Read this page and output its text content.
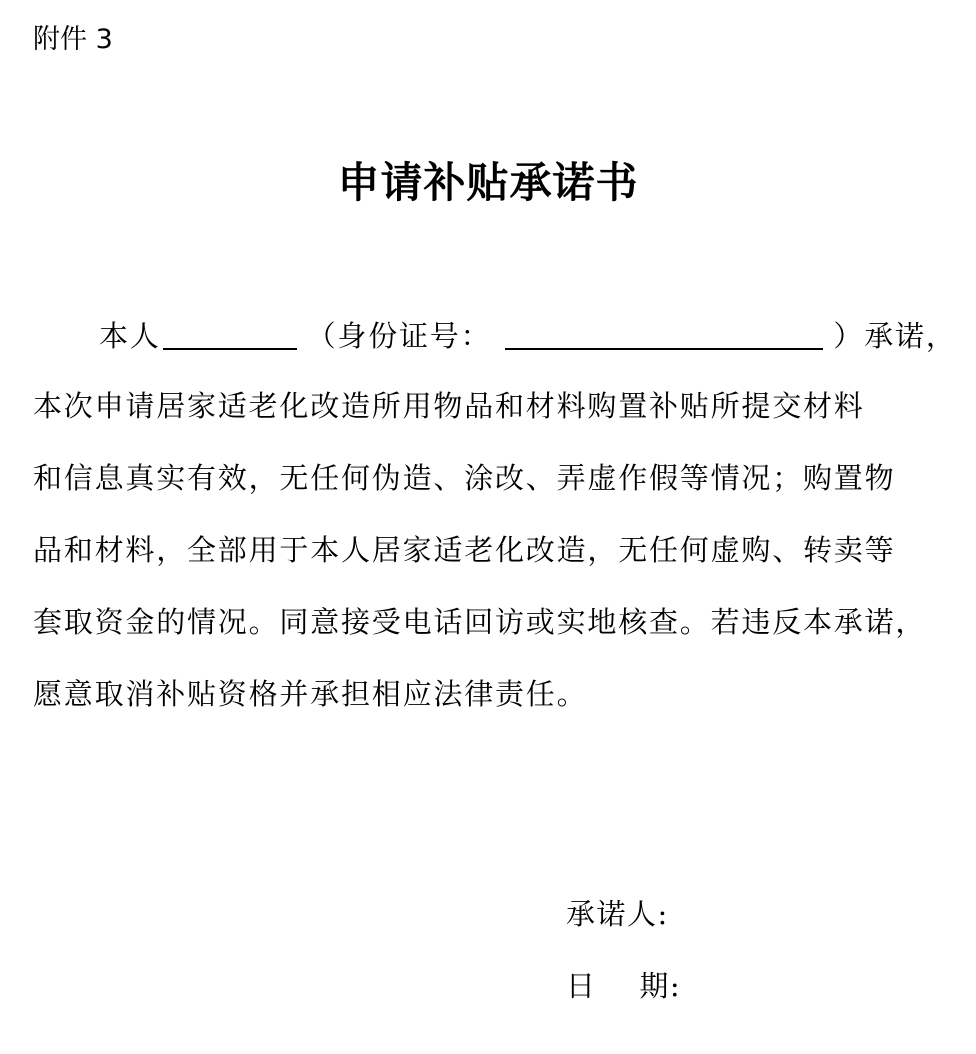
附件 3
申请补贴承诺书
本人	（身份证号：	）承诺，
本次申请居家适老化改造所用物品和材料购置补贴所提交材料
和信息真实有效，无任何伪造、涂改、弄虚作假等情况；购置物
品和材料，全部用于本人居家适老化改造，无任何虚购、转卖等
套取资金的情况。同意接受电话回访或实地核查。若违反本承诺，
愿意取消补贴资格并承担相应法律责任。
承诺人:
日    期:
